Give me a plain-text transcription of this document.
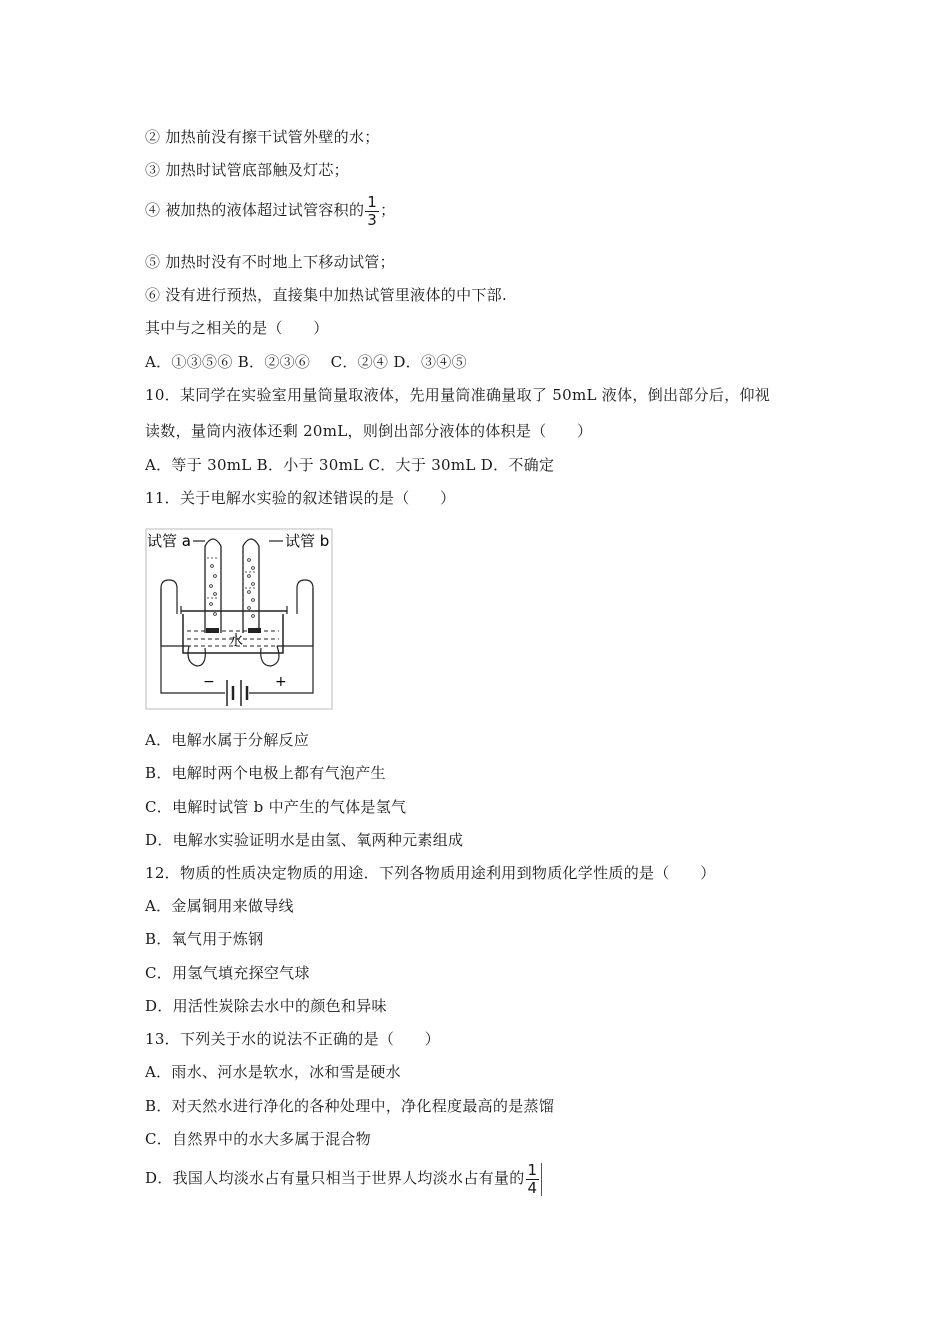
② 加热前没有擦干试管外壁的水；
③ 加热时试管底部触及灯芯；
④ 被加热的液体超过试管容积的 $\frac{1}{3}$ ；
⑤ 加热时没有不时地上下移动试管；
⑥ 没有进行预热，直接集中加热试管里液体的中下部.
其中与之相关的是（　　）
A．①③⑤⑥ B．②③⑥　 C．②④ D．③④⑤
10．某同学在实验室用量筒量取液体，先用量筒准确量取了 50mL 液体，倒出部分后，仰视
读数，量筒内液体还剩 20mL，则倒出部分液体的体积是（　　）
A．等于 30mL B．小于 30mL C．大于 30mL D．不确定
11．关于电解水实验的叙述错误的是（　　）
试管 a	试管 b
水
−	+
A．电解水属于分解反应
B．电解时两个电极上都有气泡产生
C．电解时试管 b 中产生的气体是氢气
D．电解水实验证明水是由氢、氧两种元素组成
12．物质的性质决定物质的用途．下列各物质用途利用到物质化学性质的是（　　）
A．金属铜用来做导线
B．氧气用于炼钢
C．用氢气填充探空气球
D．用活性炭除去水中的颜色和异味
13．下列关于水的说法不正确的是（　　）
A．雨水、河水是软水，冰和雪是硬水
B．对天然水进行净化的各种处理中，净化程度最高的是蒸馏
C．自然界中的水大多属于混合物
D．我国人均淡水占有量只相当于世界人均淡水占有量的 $\frac{1}{4}$
